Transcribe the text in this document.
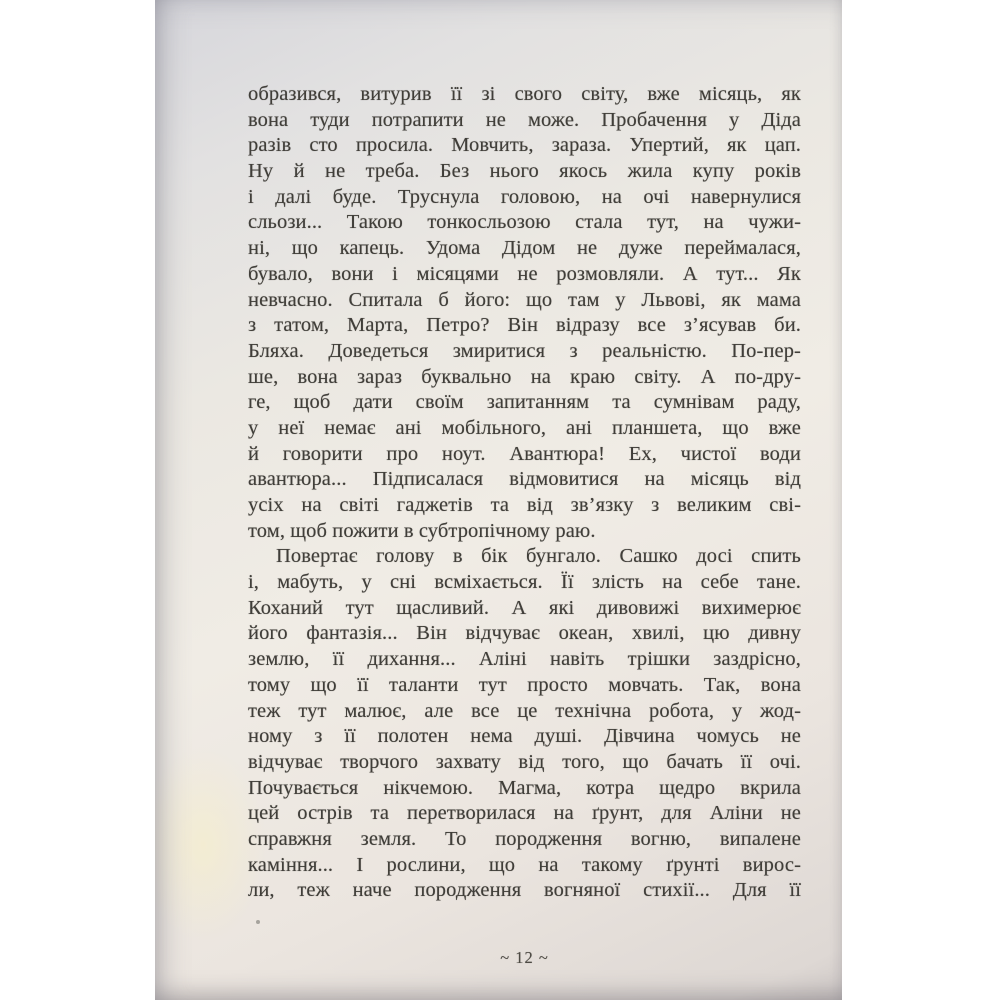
образився, витурив її зі свого світу, вже місяць, як
вона туди потрапити не може. Пробачення у Діда
разів сто просила. Мовчить, зараза. Упертий, як цап.
Ну й не треба. Без нього якось жила купу років
і далі буде. Труснула головою, на очі навернулися
сльози... Такою тонкосльозою стала тут, на чужи-
ні, що капець. Удома Дідом не дуже переймалася,
бувало, вони і місяцями не розмовляли. А тут... Як
невчасно. Спитала б його: що там у Львові, як мама
з татом, Марта, Петро? Він відразу все з’ясував би.
Бляха. Доведеться змиритися з реальністю. По-пер-
ше, вона зараз буквально на краю світу. А по-дру-
ге, щоб дати своїм запитанням та сумнівам раду,
у неї немає ані мобільного, ані планшета, що вже
й говорити про ноут. Авантюра! Ех, чистої води
авантюра... Підписалася відмовитися на місяць від
усіх на світі гаджетів та від зв’язку з великим сві-
том, щоб пожити в субтропічному раю.
Повертає голову в бік бунгало. Сашко досі спить
і, мабуть, у сні всміхається. Її злість на себе тане.
Коханий тут щасливий. А які дивовижі вихимерює
його фантазія... Він відчуває океан, хвилі, цю дивну
землю, її дихання... Аліні навіть трішки заздрісно,
тому що її таланти тут просто мовчать. Так, вона
теж тут малює, але все це технічна робота, у жод-
ному з її полотен нема душі. Дівчина чомусь не
відчуває творчого захвату від того, що бачать її очі.
Почувається нікчемою. Магма, котра щедро вкрила
цей острів та перетворилася на ґрунт, для Аліни не
справжня земля. То породження вогню, випалене
каміння... І рослини, що на такому ґрунті вирос-
ли, теж наче породження вогняної стихії... Для її
~ 12 ~
